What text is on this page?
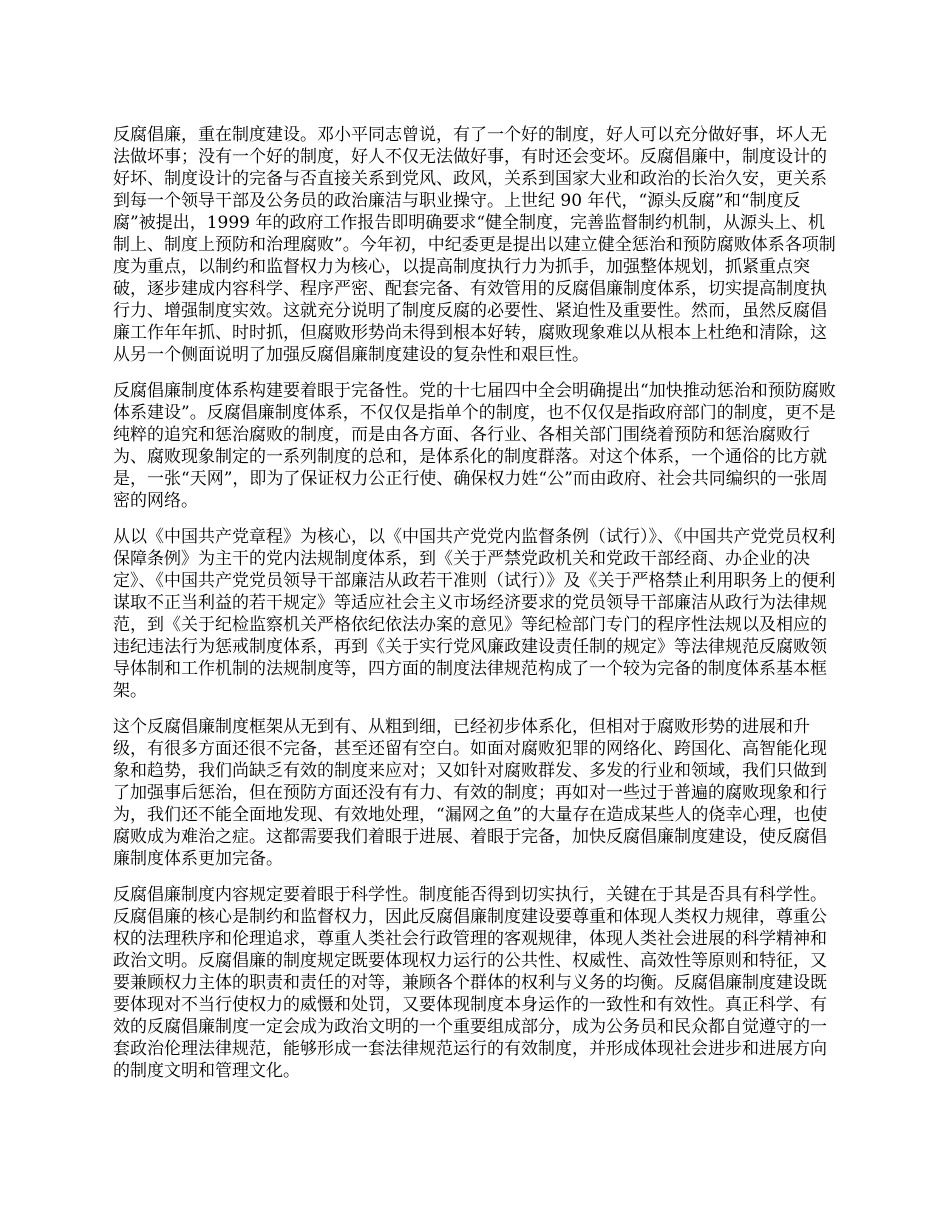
反腐倡廉，重在制度建设。邓小平同志曾说，有了一个好的制度，好人可以充分做好事，坏人无法做坏事；没有一个好的制度，好人不仅无法做好事，有时还会变坏。反腐倡廉中，制度设计的好坏、制度设计的完备与否直接关系到党风、政风，关系到国家大业和政治的长治久安，更关系到每一个领导干部及公务员的政治廉洁与职业操守。上世纪 90 年代，“源头反腐”和“制度反腐”被提出，1999 年的政府工作报告即明确要求“健全制度，完善监督制约机制，从源头上、机制上、制度上预防和治理腐败”。今年初，中纪委更是提出以建立健全惩治和预防腐败体系各项制度为重点，以制约和监督权力为核心，以提高制度执行力为抓手，加强整体规划，抓紧重点突破，逐步建成内容科学、程序严密、配套完备、有效管用的反腐倡廉制度体系，切实提高制度执行力、增强制度实效。这就充分说明了制度反腐的必要性、紧迫性及重要性。然而，虽然反腐倡廉工作年年抓、时时抓，但腐败形势尚未得到根本好转，腐败现象难以从根本上杜绝和清除，这从另一个侧面说明了加强反腐倡廉制度建设的复杂性和艰巨性。

反腐倡廉制度体系构建要着眼于完备性。党的十七届四中全会明确提出“加快推动惩治和预防腐败体系建设”。反腐倡廉制度体系，不仅仅是指单个的制度，也不仅仅是指政府部门的制度，更不是纯粹的追究和惩治腐败的制度，而是由各方面、各行业、各相关部门围绕着预防和惩治腐败行为、腐败现象制定的一系列制度的总和，是体系化的制度群落。对这个体系，一个通俗的比方就是，一张“天网”，即为了保证权力公正行使、确保权力姓“公”而由政府、社会共同编织的一张周密的网络。

从以《中国共产党章程》为核心，以《中国共产党党内监督条例（试行）》、《中国共产党党员权利保障条例》为主干的党内法规制度体系，到《关于严禁党政机关和党政干部经商、办企业的决定》、《中国共产党党员领导干部廉洁从政若干准则（试行）》及《关于严格禁止利用职务上的便利谋取不正当利益的若干规定》等适应社会主义市场经济要求的党员领导干部廉洁从政行为法律规范，到《关于纪检监察机关严格依纪依法办案的意见》等纪检部门专门的程序性法规以及相应的违纪违法行为惩戒制度体系，再到《关于实行党风廉政建设责任制的规定》等法律规范反腐败领导体制和工作机制的法规制度等，四方面的制度法律规范构成了一个较为完备的制度体系基本框架。

这个反腐倡廉制度框架从无到有、从粗到细，已经初步体系化，但相对于腐败形势的进展和升级，有很多方面还很不完备，甚至还留有空白。如面对腐败犯罪的网络化、跨国化、高智能化现象和趋势，我们尚缺乏有效的制度来应对；又如针对腐败群发、多发的行业和领域，我们只做到了加强事后惩治，但在预防方面还没有有力、有效的制度；再如对一些过于普遍的腐败现象和行为，我们还不能全面地发现、有效地处理，“漏网之鱼”的大量存在造成某些人的侥幸心理，也使腐败成为难治之症。这都需要我们着眼于进展、着眼于完备，加快反腐倡廉制度建设，使反腐倡廉制度体系更加完备。

反腐倡廉制度内容规定要着眼于科学性。制度能否得到切实执行，关键在于其是否具有科学性。反腐倡廉的核心是制约和监督权力，因此反腐倡廉制度建设要尊重和体现人类权力规律，尊重公权的法理秩序和伦理追求，尊重人类社会行政管理的客观规律，体现人类社会进展的科学精神和政治文明。反腐倡廉的制度规定既要体现权力运行的公共性、权威性、高效性等原则和特征，又要兼顾权力主体的职责和责任的对等，兼顾各个群体的权利与义务的均衡。反腐倡廉制度建设既要体现对不当行使权力的威慑和处罚，又要体现制度本身运作的一致性和有效性。真正科学、有效的反腐倡廉制度一定会成为政治文明的一个重要组成部分，成为公务员和民众都自觉遵守的一套政治伦理法律规范，能够形成一套法律规范运行的有效制度，并形成体现社会进步和进展方向的制度文明和管理文化。
